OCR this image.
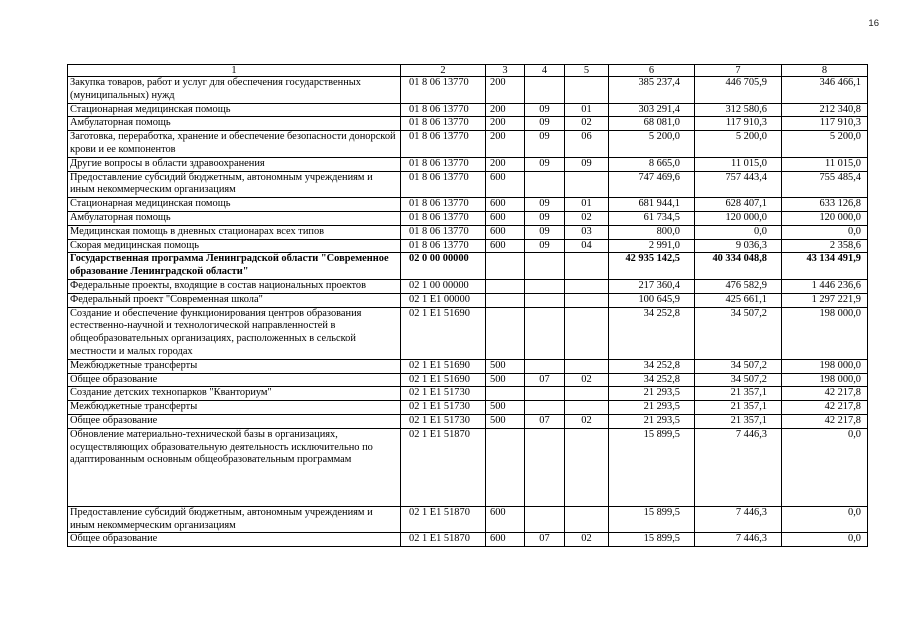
16
1	2	3	4	5	6	7	8
Закупка товаров, работ и услуг для обеспечения государственных (муниципальных) нужд	01 8 06 13770	200			385 237,4	446 705,9	346 466,1
Стационарная медицинская помощь	01 8 06 13770	200	09	01	303 291,4	312 580,6	212 340,8
Амбулаторная помощь	01 8 06 13770	200	09	02	68 081,0	117 910,3	117 910,3
Заготовка, переработка, хранение и обеспечение безопасности донорской крови и ее компонентов	01 8 06 13770	200	09	06	5 200,0	5 200,0	5 200,0
Другие вопросы в области здравоохранения	01 8 06 13770	200	09	09	8 665,0	11 015,0	11 015,0
Предоставление субсидий бюджетным, автономным учреждениям и иным некоммерческим организациям	01 8 06 13770	600			747 469,6	757 443,4	755 485,4
Стационарная медицинская помощь	01 8 06 13770	600	09	01	681 944,1	628 407,1	633 126,8
Амбулаторная помощь	01 8 06 13770	600	09	02	61 734,5	120 000,0	120 000,0
Медицинская помощь в дневных стационарах всех типов	01 8 06 13770	600	09	03	800,0	0,0	0,0
Скорая медицинская помощь	01 8 06 13770	600	09	04	2 991,0	9 036,3	2 358,6
Государственная программа Ленинградской области "Современное образование Ленинградской области"	02 0 00 00000				42 935 142,5	40 334 048,8	43 134 491,9
Федеральные проекты, входящие в состав национальных проектов	02 1 00 00000				217 360,4	476 582,9	1 446 236,6
Федеральный проект "Современная школа"	02 1 E1 00000				100 645,9	425 661,1	1 297 221,9
Создание и обеспечение функционирования центров образования естественно-научной и технологической направленностей в общеобразовательных организациях, расположенных в сельской местности и малых городах	02 1 E1 51690				34 252,8	34 507,2	198 000,0
Межбюджетные трансферты	02 1 E1 51690	500			34 252,8	34 507,2	198 000,0
Общее образование	02 1 E1 51690	500	07	02	34 252,8	34 507,2	198 000,0
Создание детских технопарков "Кванториум"	02 1 E1 51730				21 293,5	21 357,1	42 217,8
Межбюджетные трансферты	02 1 E1 51730	500			21 293,5	21 357,1	42 217,8
Общее образование	02 1 E1 51730	500	07	02	21 293,5	21 357,1	42 217,8
Обновление материально-технической базы в организациях, осуществляющих образовательную деятельность исключительно по адаптированным основным общеобразовательным программам	02 1 E1 51870				15 899,5	7 446,3	0,0
Предоставление субсидий бюджетным, автономным учреждениям и иным некоммерческим организациям	02 1 E1 51870	600			15 899,5	7 446,3	0,0
Общее образование	02 1 E1 51870	600	07	02	15 899,5	7 446,3	0,0
